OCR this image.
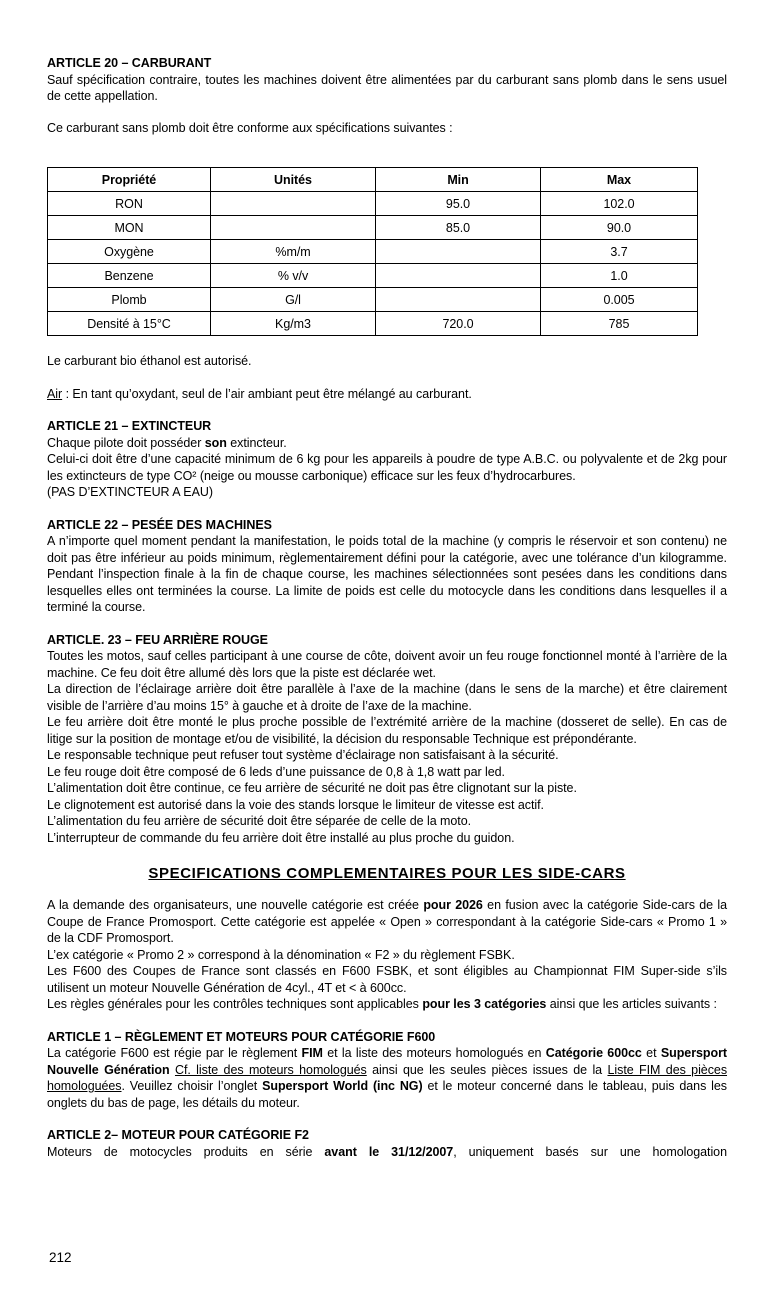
ARTICLE 20 – CARBURANT

Sauf spécification contraire, toutes les machines doivent être alimentées par du carburant sans plomb dans le sens usuel de cette appellation.

Ce carburant sans plomb doit être conforme aux spécifications suivantes :

Propriété	Unités	Min	Max
RON		95.0	102.0
MON		85.0	90.0
Oxygène	%m/m		3.7
Benzene	% v/v		1.0
Plomb	G/l		0.005
Densité à 15°C	Kg/m3	720.0	785

Le carburant bio éthanol est autorisé.

Air : En tant qu’oxydant, seul de l’air ambiant peut être mélangé au carburant.

ARTICLE 21 – EXTINCTEUR

Chaque pilote doit posséder son extincteur.

Celui-ci doit être d’une capacité minimum de 6 kg pour les appareils à poudre de type A.B.C. ou polyvalente et de 2kg pour les extincteurs de type CO² (neige ou mousse carbonique) efficace sur les feux d’hydrocarbures.

(PAS D’EXTINCTEUR A EAU)

ARTICLE 22 – PESÉE DES MACHINES

A n’importe quel moment pendant la manifestation, le poids total de la machine (y compris le réservoir et son contenu) ne doit pas être inférieur au poids minimum, règlementairement défini pour la catégorie, avec une tolérance d’un kilogramme. Pendant l’inspection finale à la fin de chaque course, les machines sélectionnées sont pesées dans les conditions dans lesquelles elles ont terminées la course. La limite de poids est celle du motocycle dans les conditions dans lesquelles il a terminé la course.

ARTICLE. 23 – FEU ARRIÈRE ROUGE

Toutes les motos, sauf celles participant à une course de côte, doivent avoir un feu rouge fonctionnel monté à l’arrière de la machine. Ce feu doit être allumé dès lors que la piste est déclarée wet.

La direction de l’éclairage arrière doit être parallèle à l’axe de la machine (dans le sens de la marche) et être clairement visible de l’arrière d’au moins 15° à gauche et à droite de l’axe de la machine.

Le feu arrière doit être monté le plus proche possible de l’extrémité arrière de la machine (dosseret de selle). En cas de litige sur la position de montage et/ou de visibilité, la décision du responsable Technique est prépondérante.

Le responsable technique peut refuser tout système d’éclairage non satisfaisant à la sécurité.

Le feu rouge doit être composé de 6 leds d’une puissance de 0,8 à 1,8 watt par led.

L’alimentation doit être continue, ce feu arrière de sécurité ne doit pas être clignotant sur la piste.

Le clignotement est autorisé dans la voie des stands lorsque le limiteur de vitesse est actif.

L’alimentation du feu arrière de sécurité doit être séparée de celle de la moto.

L’interrupteur de commande du feu arrière doit être installé au plus proche du guidon.

SPECIFICATIONS COMPLEMENTAIRES POUR LES SIDE-CARS

A la demande des organisateurs, une nouvelle catégorie est créée pour 2026 en fusion avec la catégorie Side-cars de la Coupe de France Promosport. Cette catégorie est appelée « Open » correspondant à la catégorie Side-cars « Promo 1 » de la CDF Promosport.

L’ex catégorie « Promo 2 » correspond à la dénomination « F2 » du règlement FSBK.

Les F600 des Coupes de France sont classés en F600 FSBK, et sont éligibles au Championnat FIM Super-side s’ils utilisent un moteur Nouvelle Génération de 4cyl., 4T et < à 600cc.

Les règles générales pour les contrôles techniques sont applicables pour les 3 catégories ainsi que les articles suivants :

ARTICLE 1 – RÈGLEMENT ET MOTEURS POUR CATÉGORIE F600

La catégorie F600 est régie par le règlement FIM et la liste des moteurs homologués en Catégorie 600cc et Supersport Nouvelle Génération Cf. liste des moteurs homologués ainsi que les seules pièces issues de la Liste FIM des pièces homologuées. Veuillez choisir l’onglet Supersport World (inc NG) et le moteur concerné dans le tableau, puis dans les onglets du bas de page, les détails du moteur.

ARTICLE 2– MOTEUR POUR CATÉGORIE F2

Moteurs de motocycles produits en série avant le 31/12/2007, uniquement basés sur une homologation

212
